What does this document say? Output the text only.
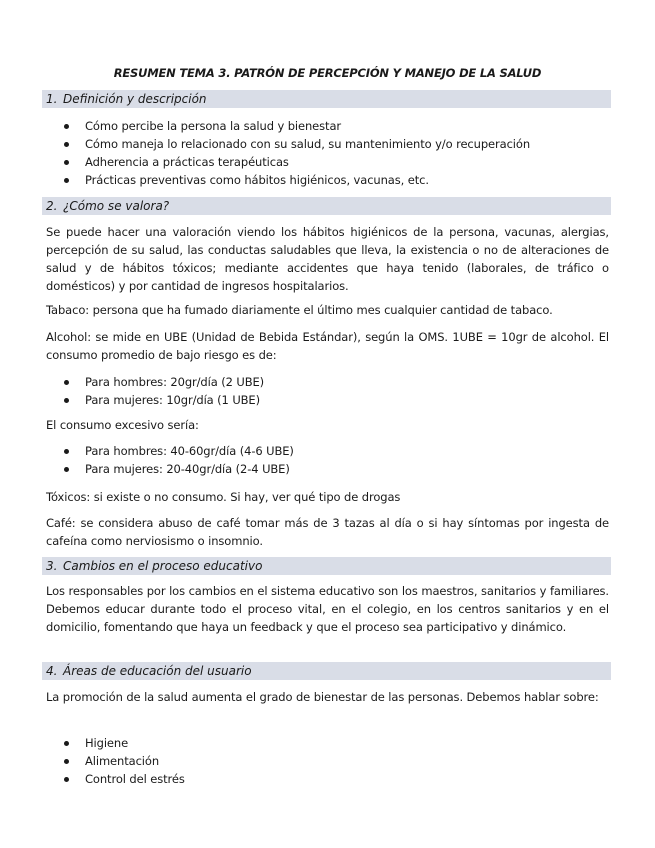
RESUMEN TEMA 3. PATRÓN DE PERCEPCIÓN Y MANEJO DE LA SALUD
1. Definición y descripción
Cómo percibe la persona la salud y bienestar
Cómo maneja lo relacionado con su salud, su mantenimiento y/o recuperación
Adherencia a prácticas terapéuticas
Prácticas preventivas como hábitos higiénicos, vacunas, etc.
2. ¿Cómo se valora?
Se puede hacer una valoración viendo los hábitos higiénicos de la persona, vacunas, alergias, percepción de su salud, las conductas saludables que lleva, la existencia o no de alteraciones de salud y de hábitos tóxicos; mediante accidentes que haya tenido (laborales, de tráfico o domésticos) y por cantidad de ingresos hospitalarios.
Tabaco: persona que ha fumado diariamente el último mes cualquier cantidad de tabaco.
Alcohol: se mide en UBE (Unidad de Bebida Estándar), según la OMS. 1UBE = 10gr de alcohol. El consumo promedio de bajo riesgo es de:
Para hombres: 20gr/día (2 UBE)
Para mujeres: 10gr/día (1 UBE)
El consumo excesivo sería:
Para hombres: 40-60gr/día (4-6 UBE)
Para mujeres: 20-40gr/día (2-4 UBE)
Tóxicos: si existe o no consumo. Si hay, ver qué tipo de drogas
Café: se considera abuso de café tomar más de 3 tazas al día o si hay síntomas por ingesta de cafeína como nerviosismo o insomnio.
3. Cambios en el proceso educativo
Los responsables por los cambios en el sistema educativo son los maestros, sanitarios y familiares. Debemos educar durante todo el proceso vital, en el colegio, en los centros sanitarios y en el domicilio, fomentando que haya un feedback y que el proceso sea participativo y dinámico.
4. Áreas de educación del usuario
La promoción de la salud aumenta el grado de bienestar de las personas. Debemos hablar sobre:
Higiene
Alimentación
Control del estrés
